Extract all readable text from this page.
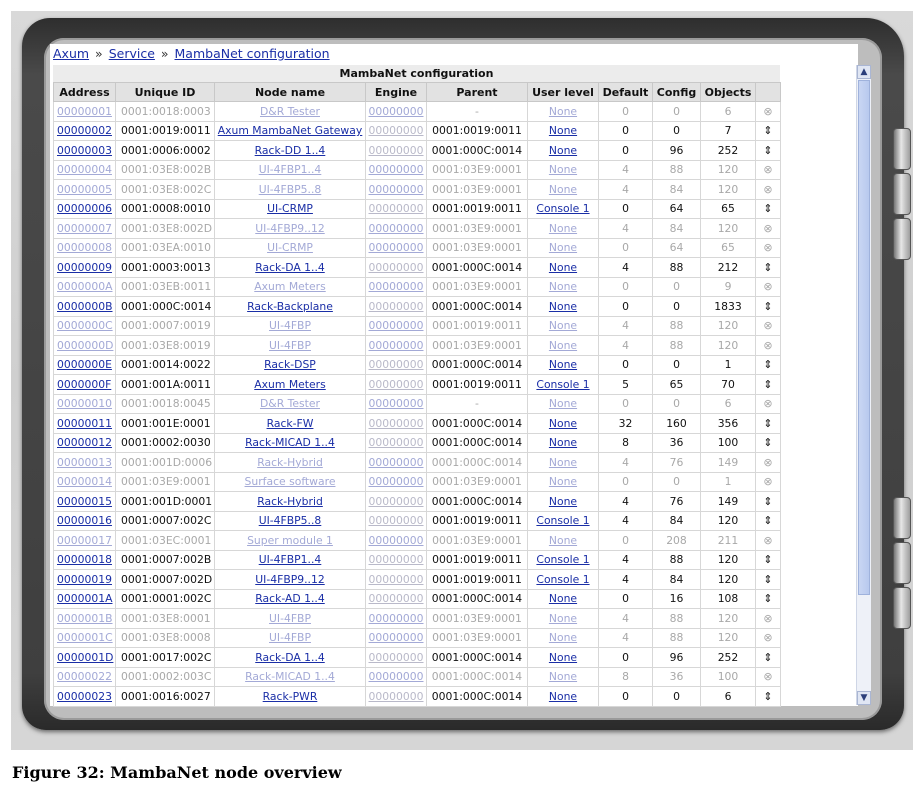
Axum » Service » MambaNet configuration
MambaNet configuration
Address	Unique ID	Node name	Engine	Parent	User level	Default	Config	Objects	
00000001	0001:0018:0003	D&R Tester	00000000	-	None	0	0	6	⊗
00000002	0001:0019:0011	Axum MambaNet Gateway	00000000	0001:0019:0011	None	0	0	7	⇕
00000003	0001:0006:0002	Rack-DD 1..4	00000000	0001:000C:0014	None	0	96	252	⇕
00000004	0001:03E8:002B	UI-4FBP1..4	00000000	0001:03E9:0001	None	4	88	120	⊗
00000005	0001:03E8:002C	UI-4FBP5..8	00000000	0001:03E9:0001	None	4	84	120	⊗
00000006	0001:0008:0010	UI-CRMP	00000000	0001:0019:0011	Console 1	0	64	65	⇕
00000007	0001:03E8:002D	UI-4FBP9..12	00000000	0001:03E9:0001	None	4	84	120	⊗
00000008	0001:03EA:0010	UI-CRMP	00000000	0001:03E9:0001	None	0	64	65	⊗
00000009	0001:0003:0013	Rack-DA 1..4	00000000	0001:000C:0014	None	4	88	212	⇕
0000000A	0001:03EB:0011	Axum Meters	00000000	0001:03E9:0001	None	0	0	9	⊗
0000000B	0001:000C:0014	Rack-Backplane	00000000	0001:000C:0014	None	0	0	1833	⇕
0000000C	0001:0007:0019	UI-4FBP	00000000	0001:0019:0011	None	4	88	120	⊗
0000000D	0001:03E8:0019	UI-4FBP	00000000	0001:03E9:0001	None	4	88	120	⊗
0000000E	0001:0014:0022	Rack-DSP	00000000	0001:000C:0014	None	0	0	1	⇕
0000000F	0001:001A:0011	Axum Meters	00000000	0001:0019:0011	Console 1	5	65	70	⇕
00000010	0001:0018:0045	D&R Tester	00000000	-	None	0	0	6	⊗
00000011	0001:001E:0001	Rack-FW	00000000	0001:000C:0014	None	32	160	356	⇕
00000012	0001:0002:0030	Rack-MICAD 1..4	00000000	0001:000C:0014	None	8	36	100	⇕
00000013	0001:001D:0006	Rack-Hybrid	00000000	0001:000C:0014	None	4	76	149	⊗
00000014	0001:03E9:0001	Surface software	00000000	0001:03E9:0001	None	0	0	1	⊗
00000015	0001:001D:0001	Rack-Hybrid	00000000	0001:000C:0014	None	4	76	149	⇕
00000016	0001:0007:002C	UI-4FBP5..8	00000000	0001:0019:0011	Console 1	4	84	120	⇕
00000017	0001:03EC:0001	Super module 1	00000000	0001:03E9:0001	None	0	208	211	⊗
00000018	0001:0007:002B	UI-4FBP1..4	00000000	0001:0019:0011	Console 1	4	88	120	⇕
00000019	0001:0007:002D	UI-4FBP9..12	00000000	0001:0019:0011	Console 1	4	84	120	⇕
0000001A	0001:0001:002C	Rack-AD 1..4	00000000	0001:000C:0014	None	0	16	108	⇕
0000001B	0001:03E8:0001	UI-4FBP	00000000	0001:03E9:0001	None	4	88	120	⊗
0000001C	0001:03E8:0008	UI-4FBP	00000000	0001:03E9:0001	None	4	88	120	⊗
0000001D	0001:0017:002C	Rack-DA 1..4	00000000	0001:000C:0014	None	0	96	252	⇕
00000022	0001:0002:003C	Rack-MICAD 1..4	00000000	0001:000C:0014	None	8	36	100	⊗
00000023	0001:0016:0027	Rack-PWR	00000000	0001:000C:0014	None	0	0	6	⇕
▲
▼
Figure 32: MambaNet node overview
